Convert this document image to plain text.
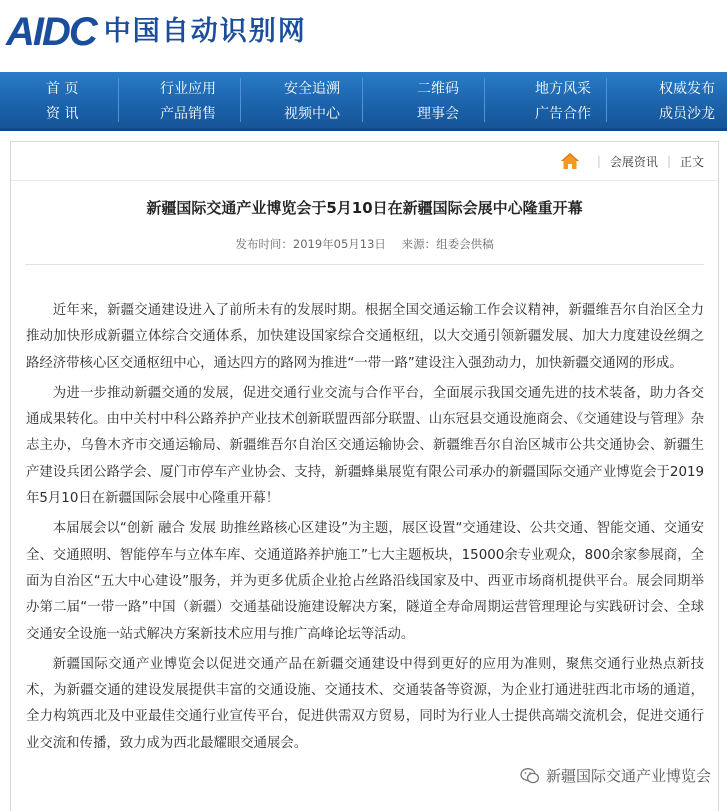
AIDC 中国自动识别网
首 页	行业应用	安全追溯	二维码	地方风采	权威发布
资 讯	产品销售	视频中心	理事会	广告合作	成员沙龙
| 会展资讯 | 正文
新疆国际交通产业博览会于5月10日在新疆国际会展中心隆重开幕
发布时间：2019年05月13日 来源：组委会供稿

近年来，新疆交通建设进入了前所未有的发展时期。根据全国交通运输工作会议精神，新疆维吾尔自治区全力推动加快形成新疆立体综合交通体系，加快建设国家综合交通枢纽，以大交通引领新疆发展、加大力度建设丝绸之路经济带核心区交通枢纽中心，通达四方的路网为推进“一带一路”建设注入强劲动力，加快新疆交通网的形成。

为进一步推动新疆交通的发展，促进交通行业交流与合作平台，全面展示我国交通先进的技术装备，助力各交通成果转化。由中关村中科公路养护产业技术创新联盟西部分联盟、山东冠县交通设施商会、《交通建设与管理》杂志主办，乌鲁木齐市交通运输局、新疆维吾尔自治区交通运输协会、新疆维吾尔自治区城市公共交通协会、新疆生产建设兵团公路学会、厦门市停车产业协会、支持，新疆蜂巢展览有限公司承办的新疆国际交通产业博览会于2019年5月10日在新疆国际会展中心隆重开幕！

本届展会以“创新 融合 发展 助推丝路核心区建设”为主题，展区设置“交通建设、公共交通、智能交通、交通安全、交通照明、智能停车与立体车库、交通道路养护施工”七大主题板块，15000余专业观众，800余家参展商，全面为自治区“五大中心建设”服务，并为更多优质企业抢占丝路沿线国家及中、西亚市场商机提供平台。展会同期举办第二届“一带一路”中国（新疆）交通基础设施建设解决方案，隧道全寿命周期运营管理理论与实践研讨会、全球交通安全设施一站式解决方案新技术应用与推广高峰论坛等活动。

新疆国际交通产业博览会以促进交通产品在新疆交通建设中得到更好的应用为准则，聚焦交通行业热点新技术，为新疆交通的建设发展提供丰富的交通设施、交通技术、交通装备等资源，为企业打通进驻西北市场的通道，全力构筑西北及中亚最佳交通行业宣传平台，促进供需双方贸易，同时为行业人士提供高端交流机会，促进交通行业交流和传播，致力成为西北最耀眼交通展会。

新疆国际交通产业博览会
